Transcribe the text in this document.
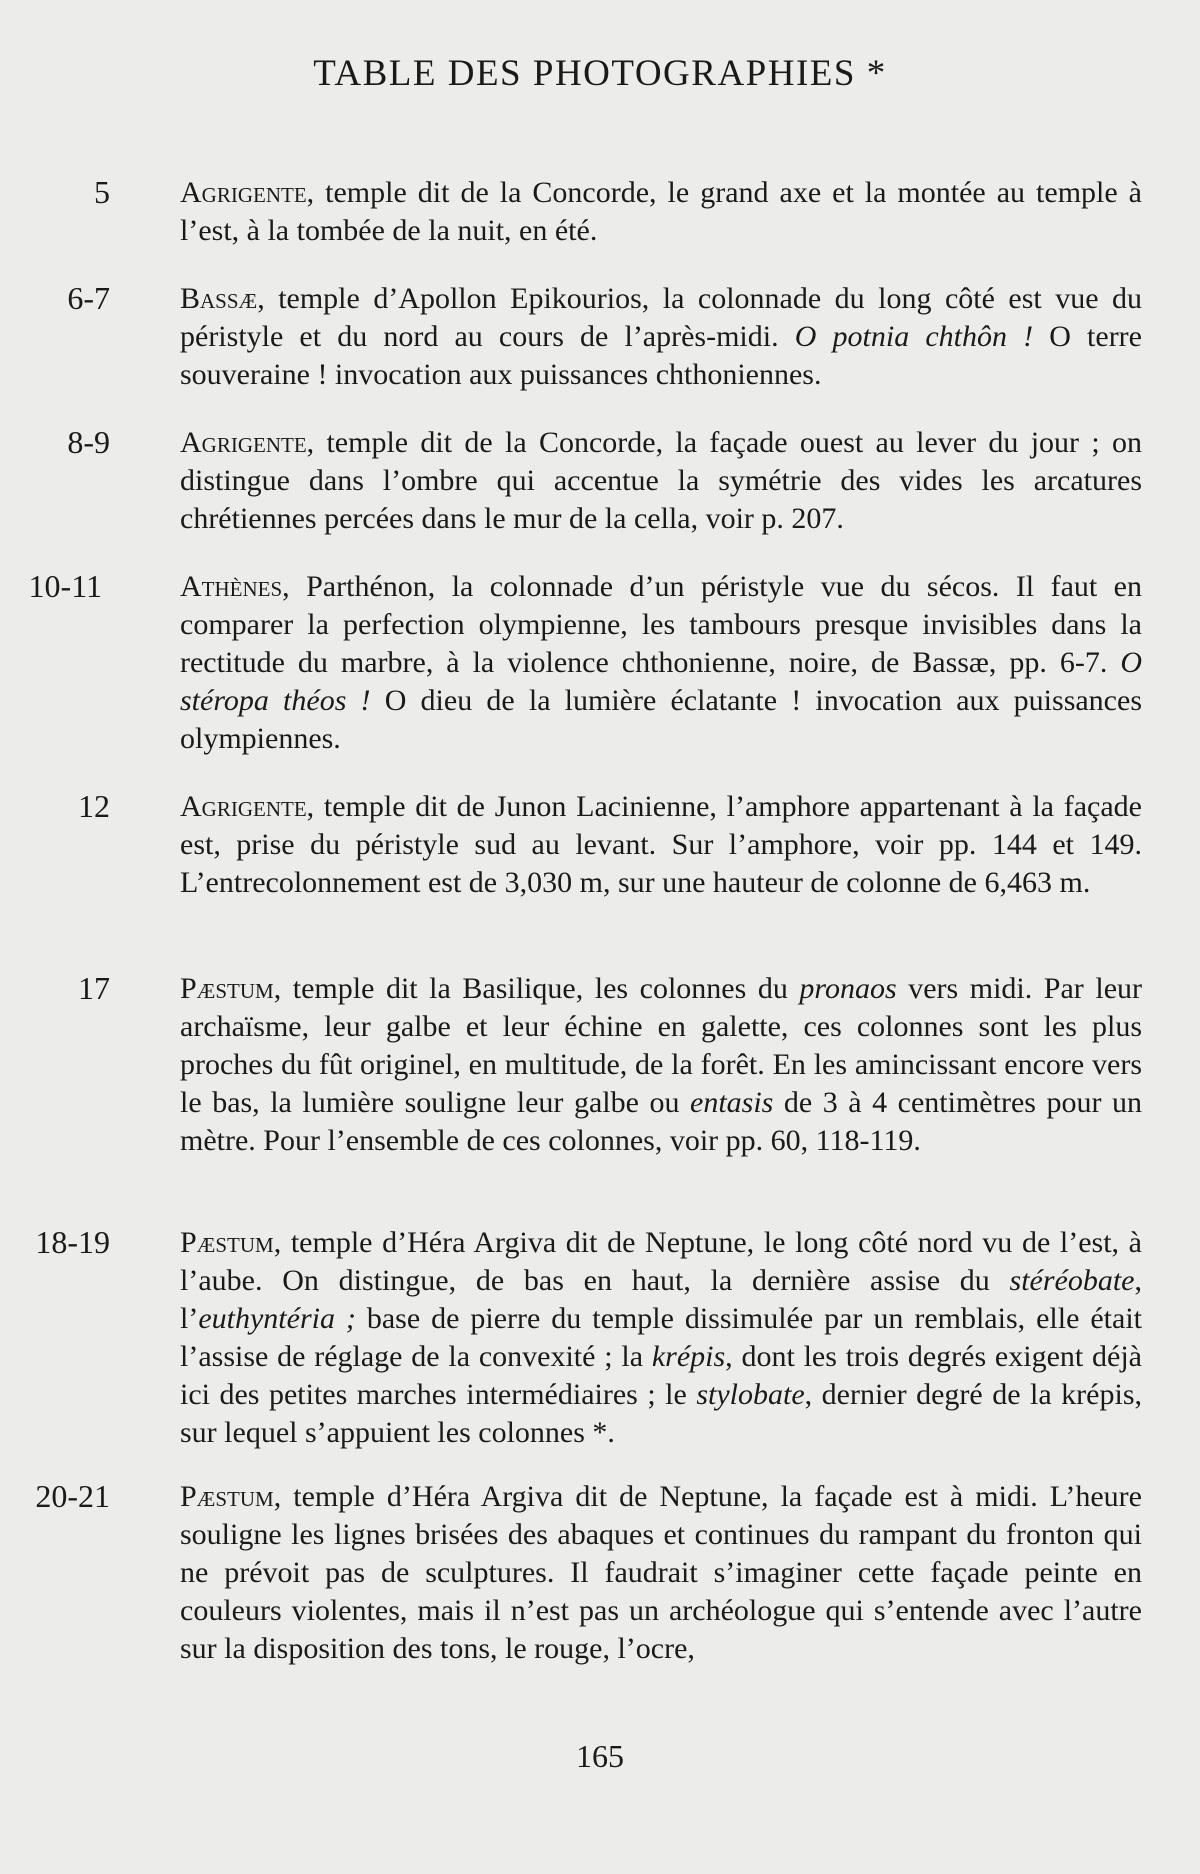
TABLE DES PHOTOGRAPHIES *
5 Agrigente, temple dit de la Concorde, le grand axe et la montée au temple à l’est, à la tombée de la nuit, en été.
6-7 Bassæ, temple d’Apollon Epikourios, la colonnade du long côté est vue du péristyle et du nord au cours de l’après-midi. O potnia chthôn ! O terre souveraine ! invocation aux puissances chthoniennes.
8-9 Agrigente, temple dit de la Concorde, la façade ouest au lever du jour ; on distingue dans l’ombre qui accentue la symétrie des vides les arcatures chrétiennes percées dans le mur de la cella, voir p. 207.
10-11	Athènes, Parthénon, la colonnade d’un péristyle vue du sécos. Il faut en comparer la perfection olympienne, les tambours presque invisibles dans la rectitude du marbre, à la violence chthonienne, noire, de Bassæ, pp. 6-7. O stéropa théos ! O dieu de la lumière éclatante ! invocation aux puissances olympiennes.
12 Agrigente, temple dit de Junon Lacinienne, l’amphore appartenant à la façade est, prise du péristyle sud au levant. Sur l’amphore, voir pp. 144 et 149. L’entrecolonnement est de 3,030 m, sur une hauteur de colonne de 6,463 m.
17 Pæstum, temple dit la Basilique, les colonnes du pronaos vers midi. Par leur archaïsme, leur galbe et leur échine en galette, ces colonnes sont les plus proches du fût originel, en multitude, de la forêt. En les amincissant encore vers le bas, la lumière souligne leur galbe ou entasis de 3 à 4 centimètres pour un mètre. Pour l’ensemble de ces colonnes, voir pp. 60, 118-119.
18-19 Pæstum, temple d’Héra Argiva dit de Neptune, le long côté nord vu de l’est, à l’aube. On distingue, de bas en haut, la dernière assise du stéréobate, l’euthyntéria ; base de pierre du temple dissimulée par un remblais, elle était l’assise de réglage de la convexité ; la krépis, dont les trois degrés exigent déjà ici des petites marches intermédiaires ; le stylobate, dernier degré de la krépis, sur lequel s’appuient les colonnes *.
20-21 Pæstum, temple d’Héra Argiva dit de Neptune, la façade est à midi. L’heure souligne les lignes brisées des abaques et continues du rampant du fronton qui ne prévoit pas de sculptures. Il faudrait s’imaginer cette façade peinte en couleurs violentes, mais il n’est pas un archéologue qui s’entende avec l’autre sur la disposition des tons, le rouge, l’ocre,
165
